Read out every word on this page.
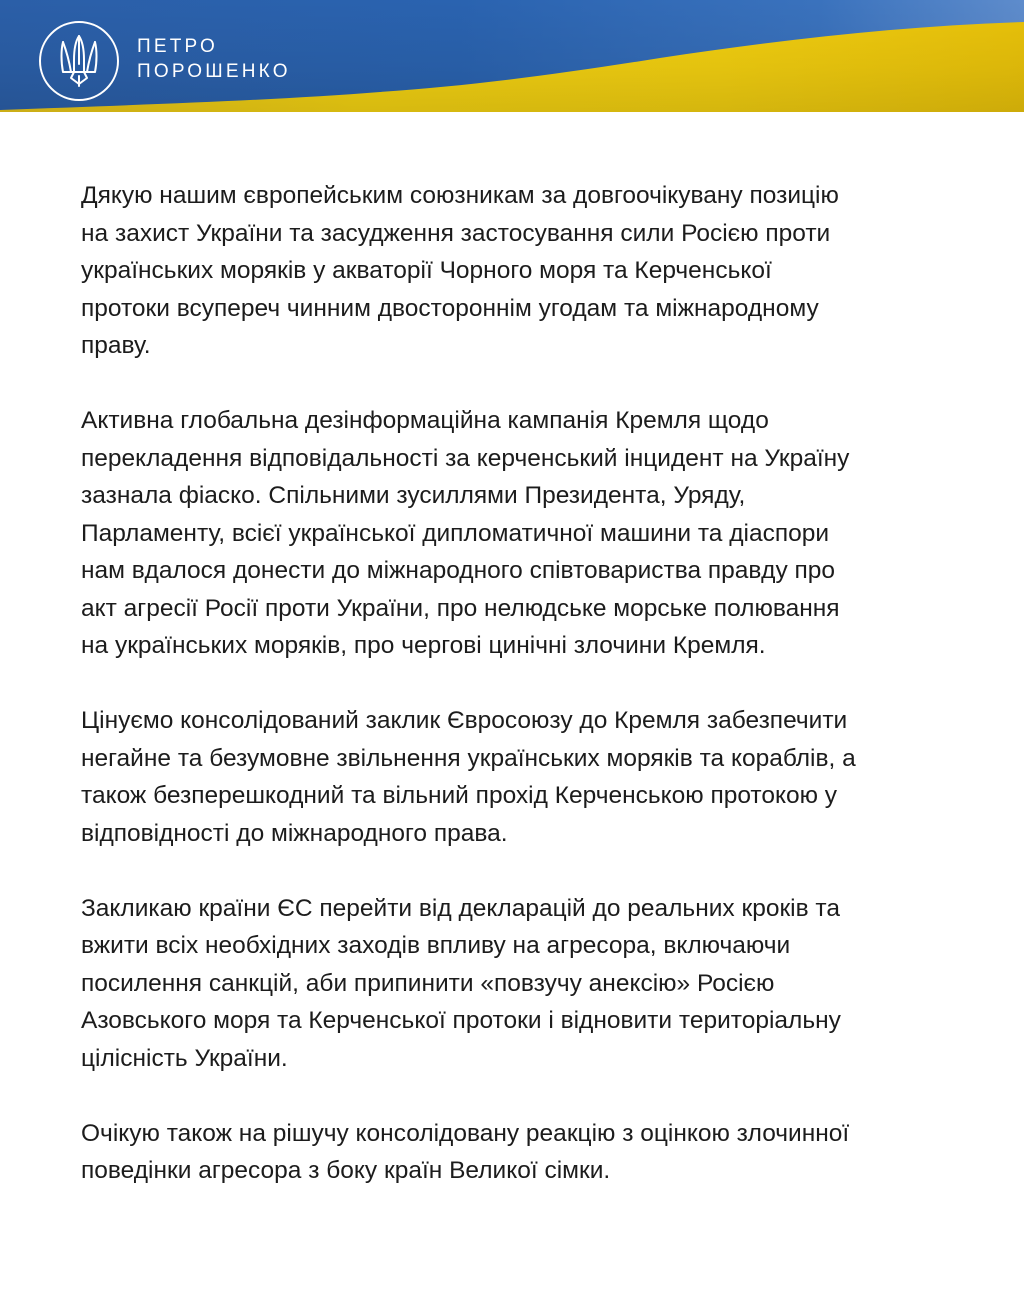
ПЕТРО
ПОРОШЕНКО

Дякую нашим європейським союзникам за довгоочікувану позицію
на захист України та засудження застосування сили Росією проти
українських моряків у акваторії Чорного моря та Керченської
протоки всупереч чинним двостороннім угодам та міжнародному
праву.

Активна глобальна дезінформаційна кампанія Кремля щодо
перекладення відповідальності за керченський інцидент на Україну
зазнала фіаско. Спільними зусиллями Президента, Уряду,
Парламенту, всієї української дипломатичної машини та діаспори
нам вдалося донести до міжнародного співтовариства правду про
акт агресії Росії проти України, про нелюдське морське полювання
на українських моряків, про чергові цинічні злочини Кремля.

Цінуємо консолідований заклик Євросоюзу до Кремля забезпечити
негайне та безумовне звільнення українських моряків та кораблів, а
також безперешкодний та вільний прохід Керченською протокою у
відповідності до міжнародного права.

Закликаю країни ЄС перейти від декларацій до реальних кроків та
вжити всіх необхідних заходів впливу на агресора, включаючи
посилення санкцій, аби припинити «повзучу анексію» Росією
Азовського моря та Керченської протоки і відновити територіальну
цілісність України.

Очікую також на рішучу консолідовану реакцію з оцінкою злочинної
поведінки агресора з боку країн Великої сімки.
